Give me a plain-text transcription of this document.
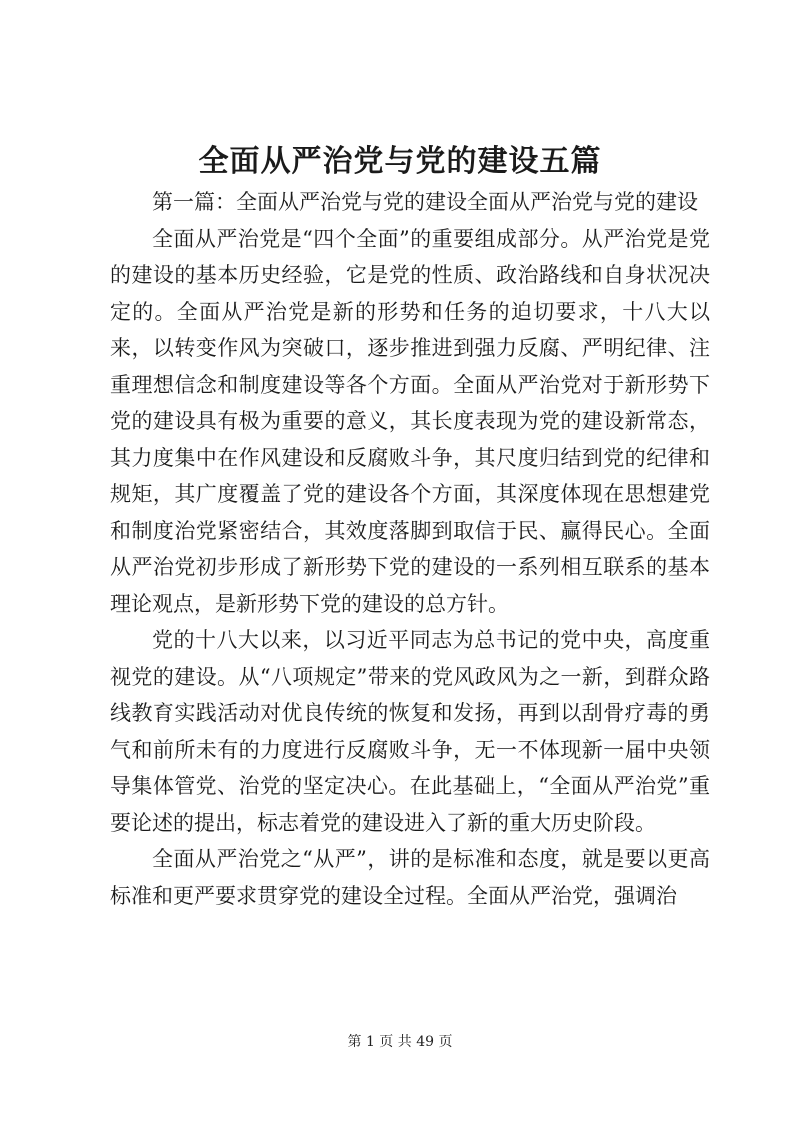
全面从严治党与党的建设五篇

第一篇：全面从严治党与党的建设全面从严治党与党的建设

全面从严治党是“四个全面”的重要组成部分。从严治党是党的建设的基本历史经验，它是党的性质、政治路线和自身状况决定的。全面从严治党是新的形势和任务的迫切要求，十八大以来，以转变作风为突破口，逐步推进到强力反腐、严明纪律、注重理想信念和制度建设等各个方面。全面从严治党对于新形势下党的建设具有极为重要的意义，其长度表现为党的建设新常态，其力度集中在作风建设和反腐败斗争，其尺度归结到党的纪律和规矩，其广度覆盖了党的建设各个方面，其深度体现在思想建党和制度治党紧密结合，其效度落脚到取信于民、赢得民心。全面从严治党初步形成了新形势下党的建设的一系列相互联系的基本理论观点，是新形势下党的建设的总方针。

党的十八大以来，以习近平同志为总书记的党中央，高度重视党的建设。从“八项规定”带来的党风政风为之一新，到群众路线教育实践活动对优良传统的恢复和发扬，再到以刮骨疗毒的勇气和前所未有的力度进行反腐败斗争，无一不体现新一届中央领导集体管党、治党的坚定决心。在此基础上，“全面从严治党”重要论述的提出，标志着党的建设进入了新的重大历史阶段。

全面从严治党之“从严”，讲的是标准和态度，就是要以更高标准和更严要求贯穿党的建设全过程。全面从严治党，强调治

第 1 页 共 49 页
